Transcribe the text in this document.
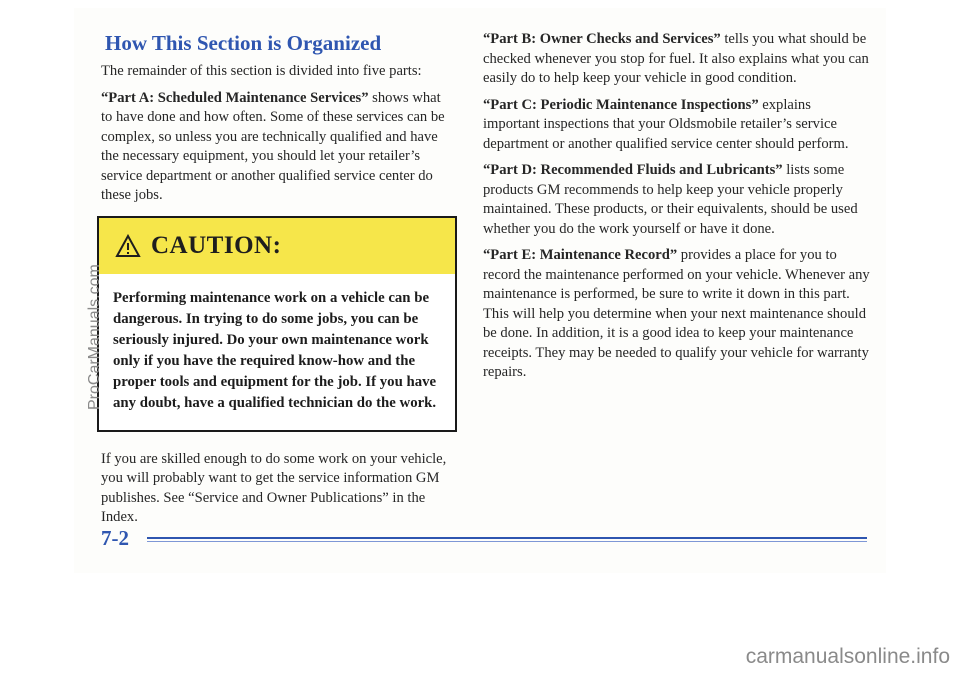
How This Section is Organized

The remainder of this section is divided into five parts:

“Part A: Scheduled Maintenance Services” shows what to have done and how often. Some of these services can be complex, so unless you are technically qualified and have the necessary equipment, you should let your retailer’s service department or another qualified service center do these jobs.

CAUTION:
Performing maintenance work on a vehicle can be dangerous. In trying to do some jobs, you can be seriously injured. Do your own maintenance work only if you have the required know-how and the proper tools and equipment for the job. If you have any doubt, have a qualified technician do the work.

If you are skilled enough to do some work on your vehicle, you will probably want to get the service information GM publishes. See “Service and Owner Publications” in the Index.

“Part B: Owner Checks and Services” tells you what should be checked whenever you stop for fuel. It also explains what you can easily do to help keep your vehicle in good condition.

“Part C: Periodic Maintenance Inspections” explains important inspections that your Oldsmobile retailer’s service department or another qualified service center should perform.

“Part D: Recommended Fluids and Lubricants” lists some products GM recommends to help keep your vehicle properly maintained. These products, or their equivalents, should be used whether you do the work yourself or have it done.

“Part E: Maintenance Record” provides a place for you to record the maintenance performed on your vehicle. Whenever any maintenance is performed, be sure to write it down in this part. This will help you determine when your next maintenance should be done. In addition, it is a good idea to keep your maintenance receipts. They may be needed to qualify your vehicle for warranty repairs.

7-2
ProCarManuals.com
carmanualsonline.info
